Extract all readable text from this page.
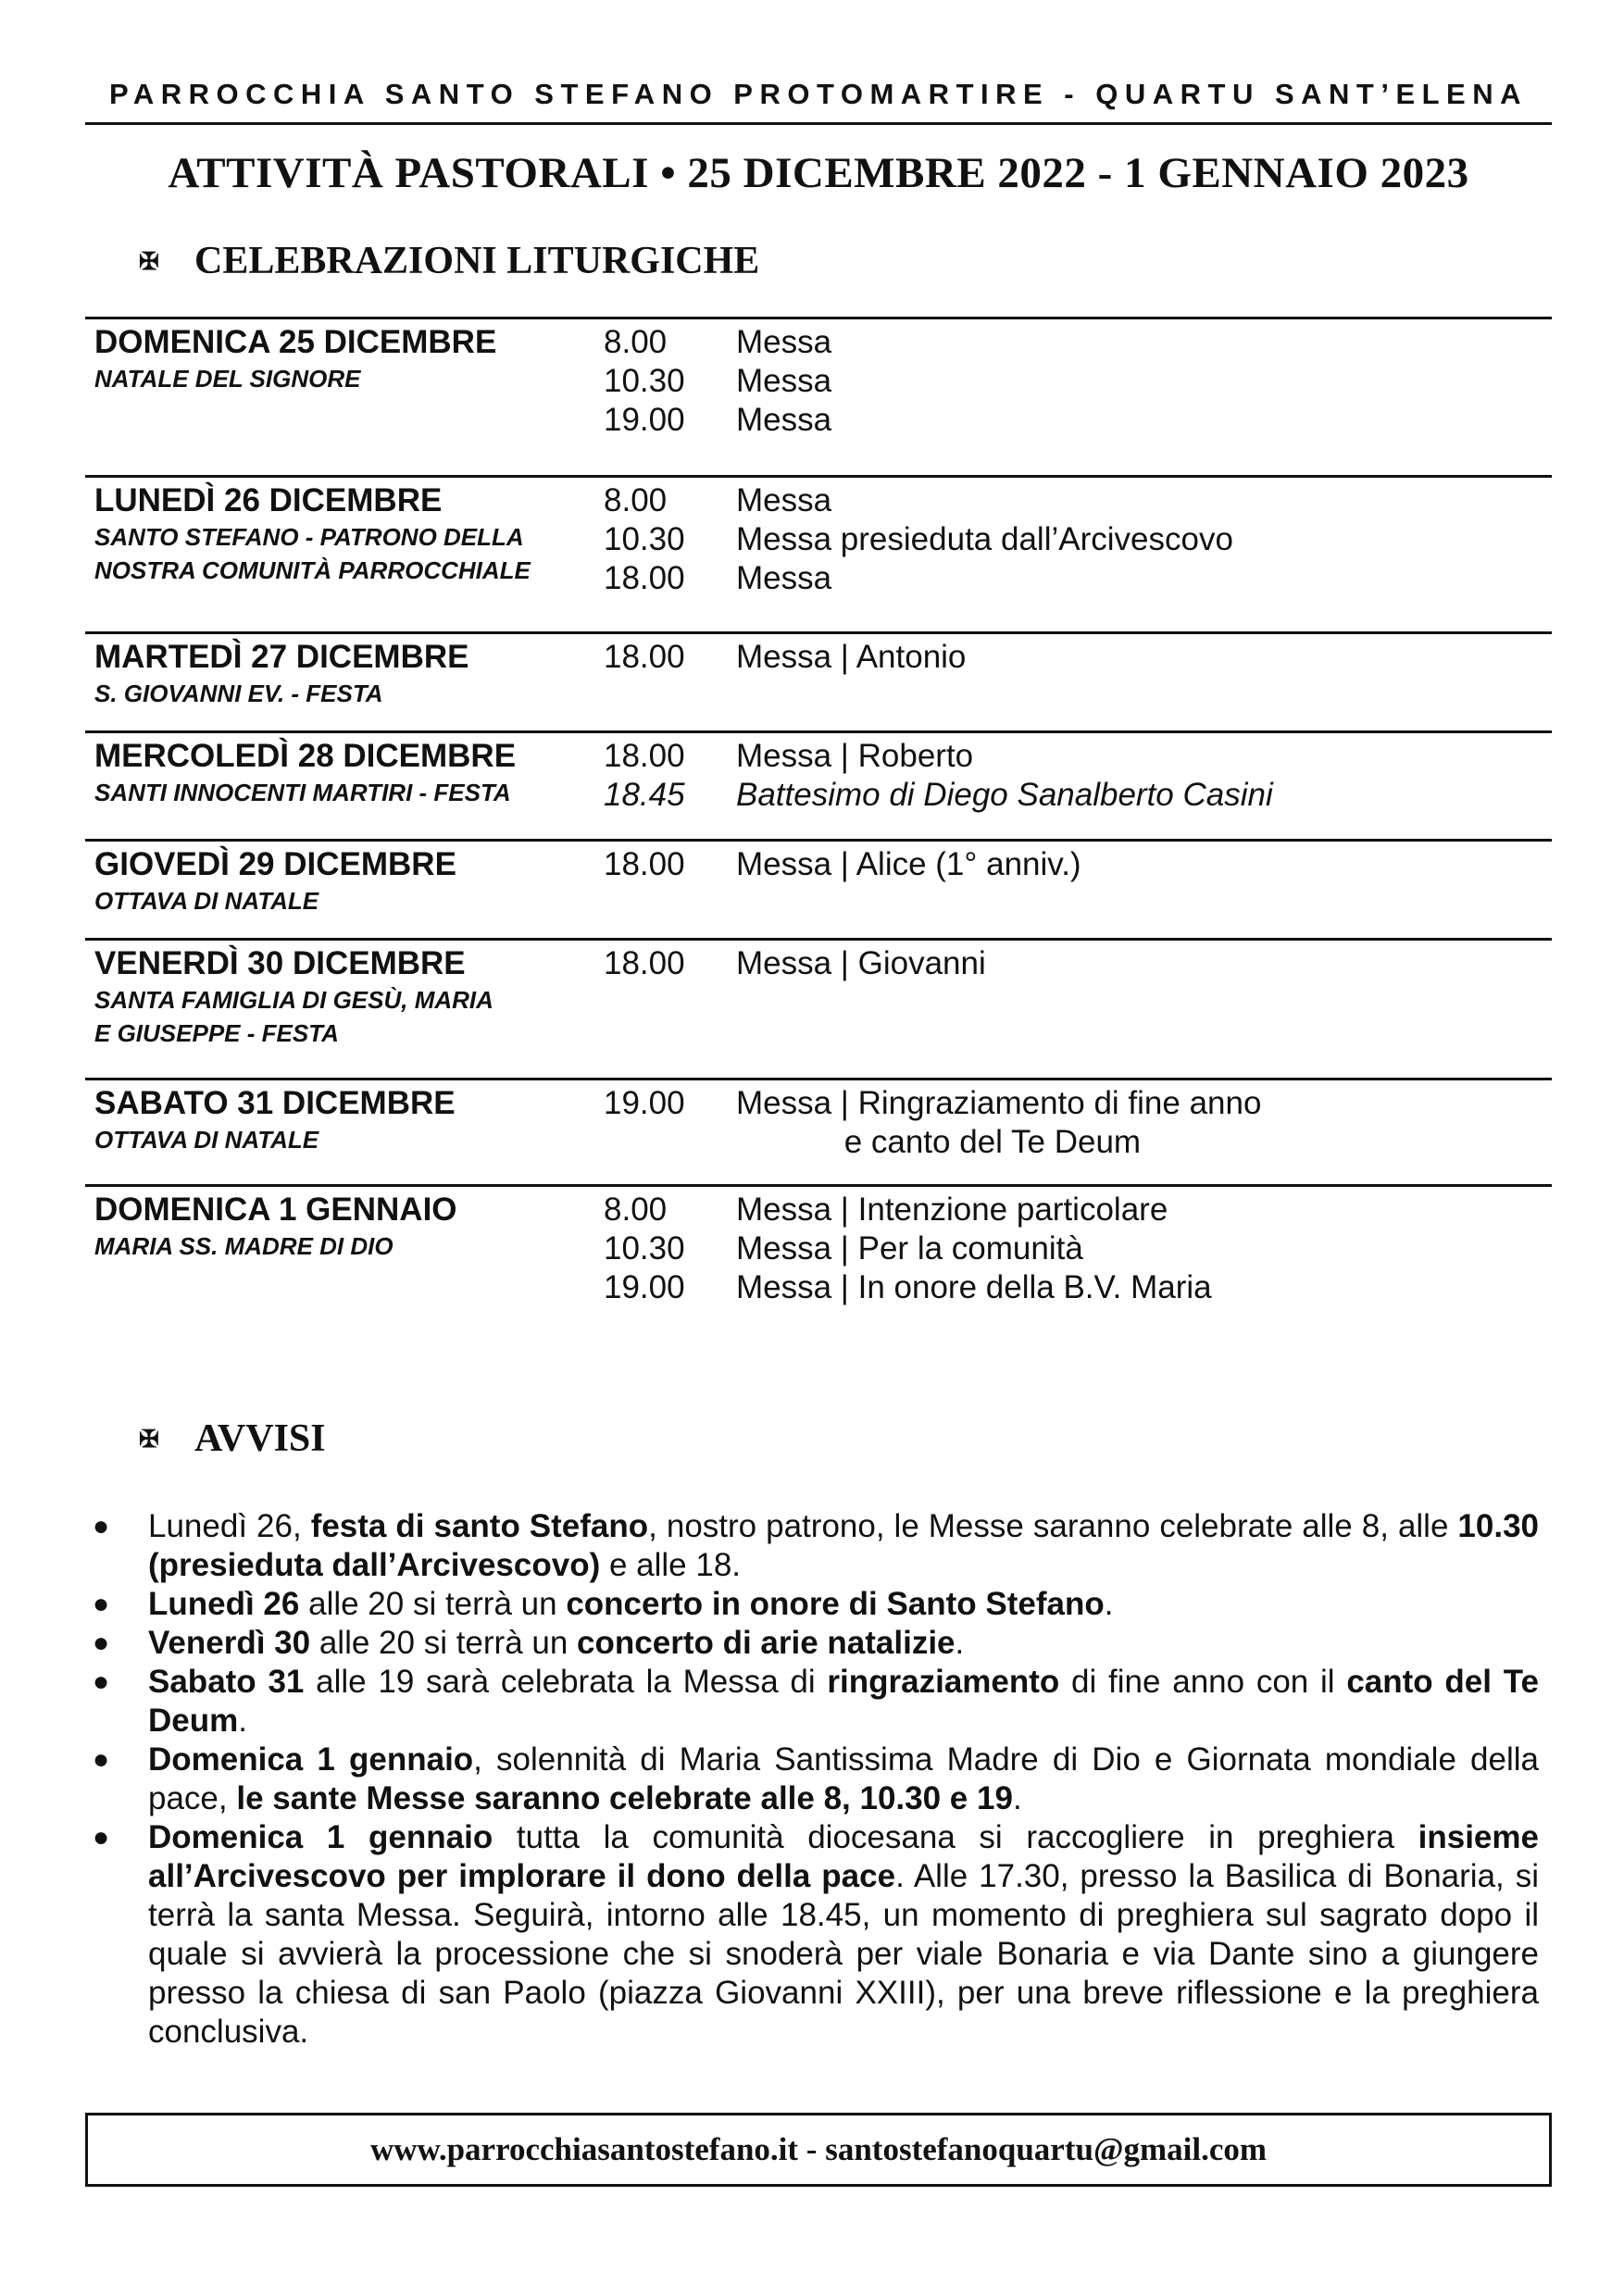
PARROCCHIA SANTO STEFANO PROTOMARTIRE - QUARTU SANT’ELENA
ATTIVITÀ PASTORALI • 25 DICEMBRE 2022 - 1 GENNAIO 2023
✠ CELEBRAZIONI LITURGICHE
DOMENICA 25 DICEMBRE
NATALE DEL SIGNORE
8.00	Messa
10.30	Messa
19.00	Messa
LUNEDÌ 26 DICEMBRE
SANTO STEFANO - PATRONO DELLA
NOSTRA COMUNITÀ PARROCCHIALE
8.00	Messa
10.30	Messa presieduta dall’Arcivescovo
18.00	Messa
MARTEDÌ 27 DICEMBRE
S. GIOVANNI EV. - FESTA
18.00	Messa | Antonio
MERCOLEDÌ 28 DICEMBRE
SANTI INNOCENTI MARTIRI - FESTA
18.00	Messa | Roberto
18.45	Battesimo di Diego Sanalberto Casini
GIOVEDÌ 29 DICEMBRE
OTTAVA DI NATALE
18.00	Messa | Alice (1° anniv.)
VENERDÌ 30 DICEMBRE
SANTA FAMIGLIA DI GESÙ, MARIA
E GIUSEPPE - FESTA
18.00	Messa | Giovanni
SABATO 31 DICEMBRE
OTTAVA DI NATALE
19.00	Messa | Ringraziamento di fine anno
e canto del Te Deum
DOMENICA 1 GENNAIO
MARIA SS. MADRE DI DIO
8.00	Messa | Intenzione particolare
10.30	Messa | Per la comunità
19.00	Messa | In onore della B.V. Maria
✠ AVVISI
● Lunedì 26, festa di santo Stefano, nostro patrono, le Messe saranno celebrate alle 8, alle 10.30 (presieduta dall’Arcivescovo) e alle 18.
● Lunedì 26 alle 20 si terrà un concerto in onore di Santo Stefano.
● Venerdì 30 alle 20 si terrà un concerto di arie natalizie.
● Sabato 31 alle 19 sarà celebrata la Messa di ringraziamento di fine anno con il canto del Te Deum.
● Domenica 1 gennaio, solennità di Maria Santissima Madre di Dio e Giornata mondiale della pace, le sante Messe saranno celebrate alle 8, 10.30 e 19.
● Domenica 1 gennaio tutta la comunità diocesana si raccogliere in preghiera insieme all’Arcivescovo per implorare il dono della pace. Alle 17.30, presso la Basilica di Bonaria, si terrà la santa Messa. Seguirà, intorno alle 18.45, un momento di preghiera sul sagrato dopo il quale si avvierà la processione che si snoderà per viale Bonaria e via Dante sino a giungere presso la chiesa di san Paolo (piazza Giovanni XXIII), per una breve riflessione e la preghiera conclusiva.
www.parrocchiasantostefano.it - santostefanoquartu@gmail.com
